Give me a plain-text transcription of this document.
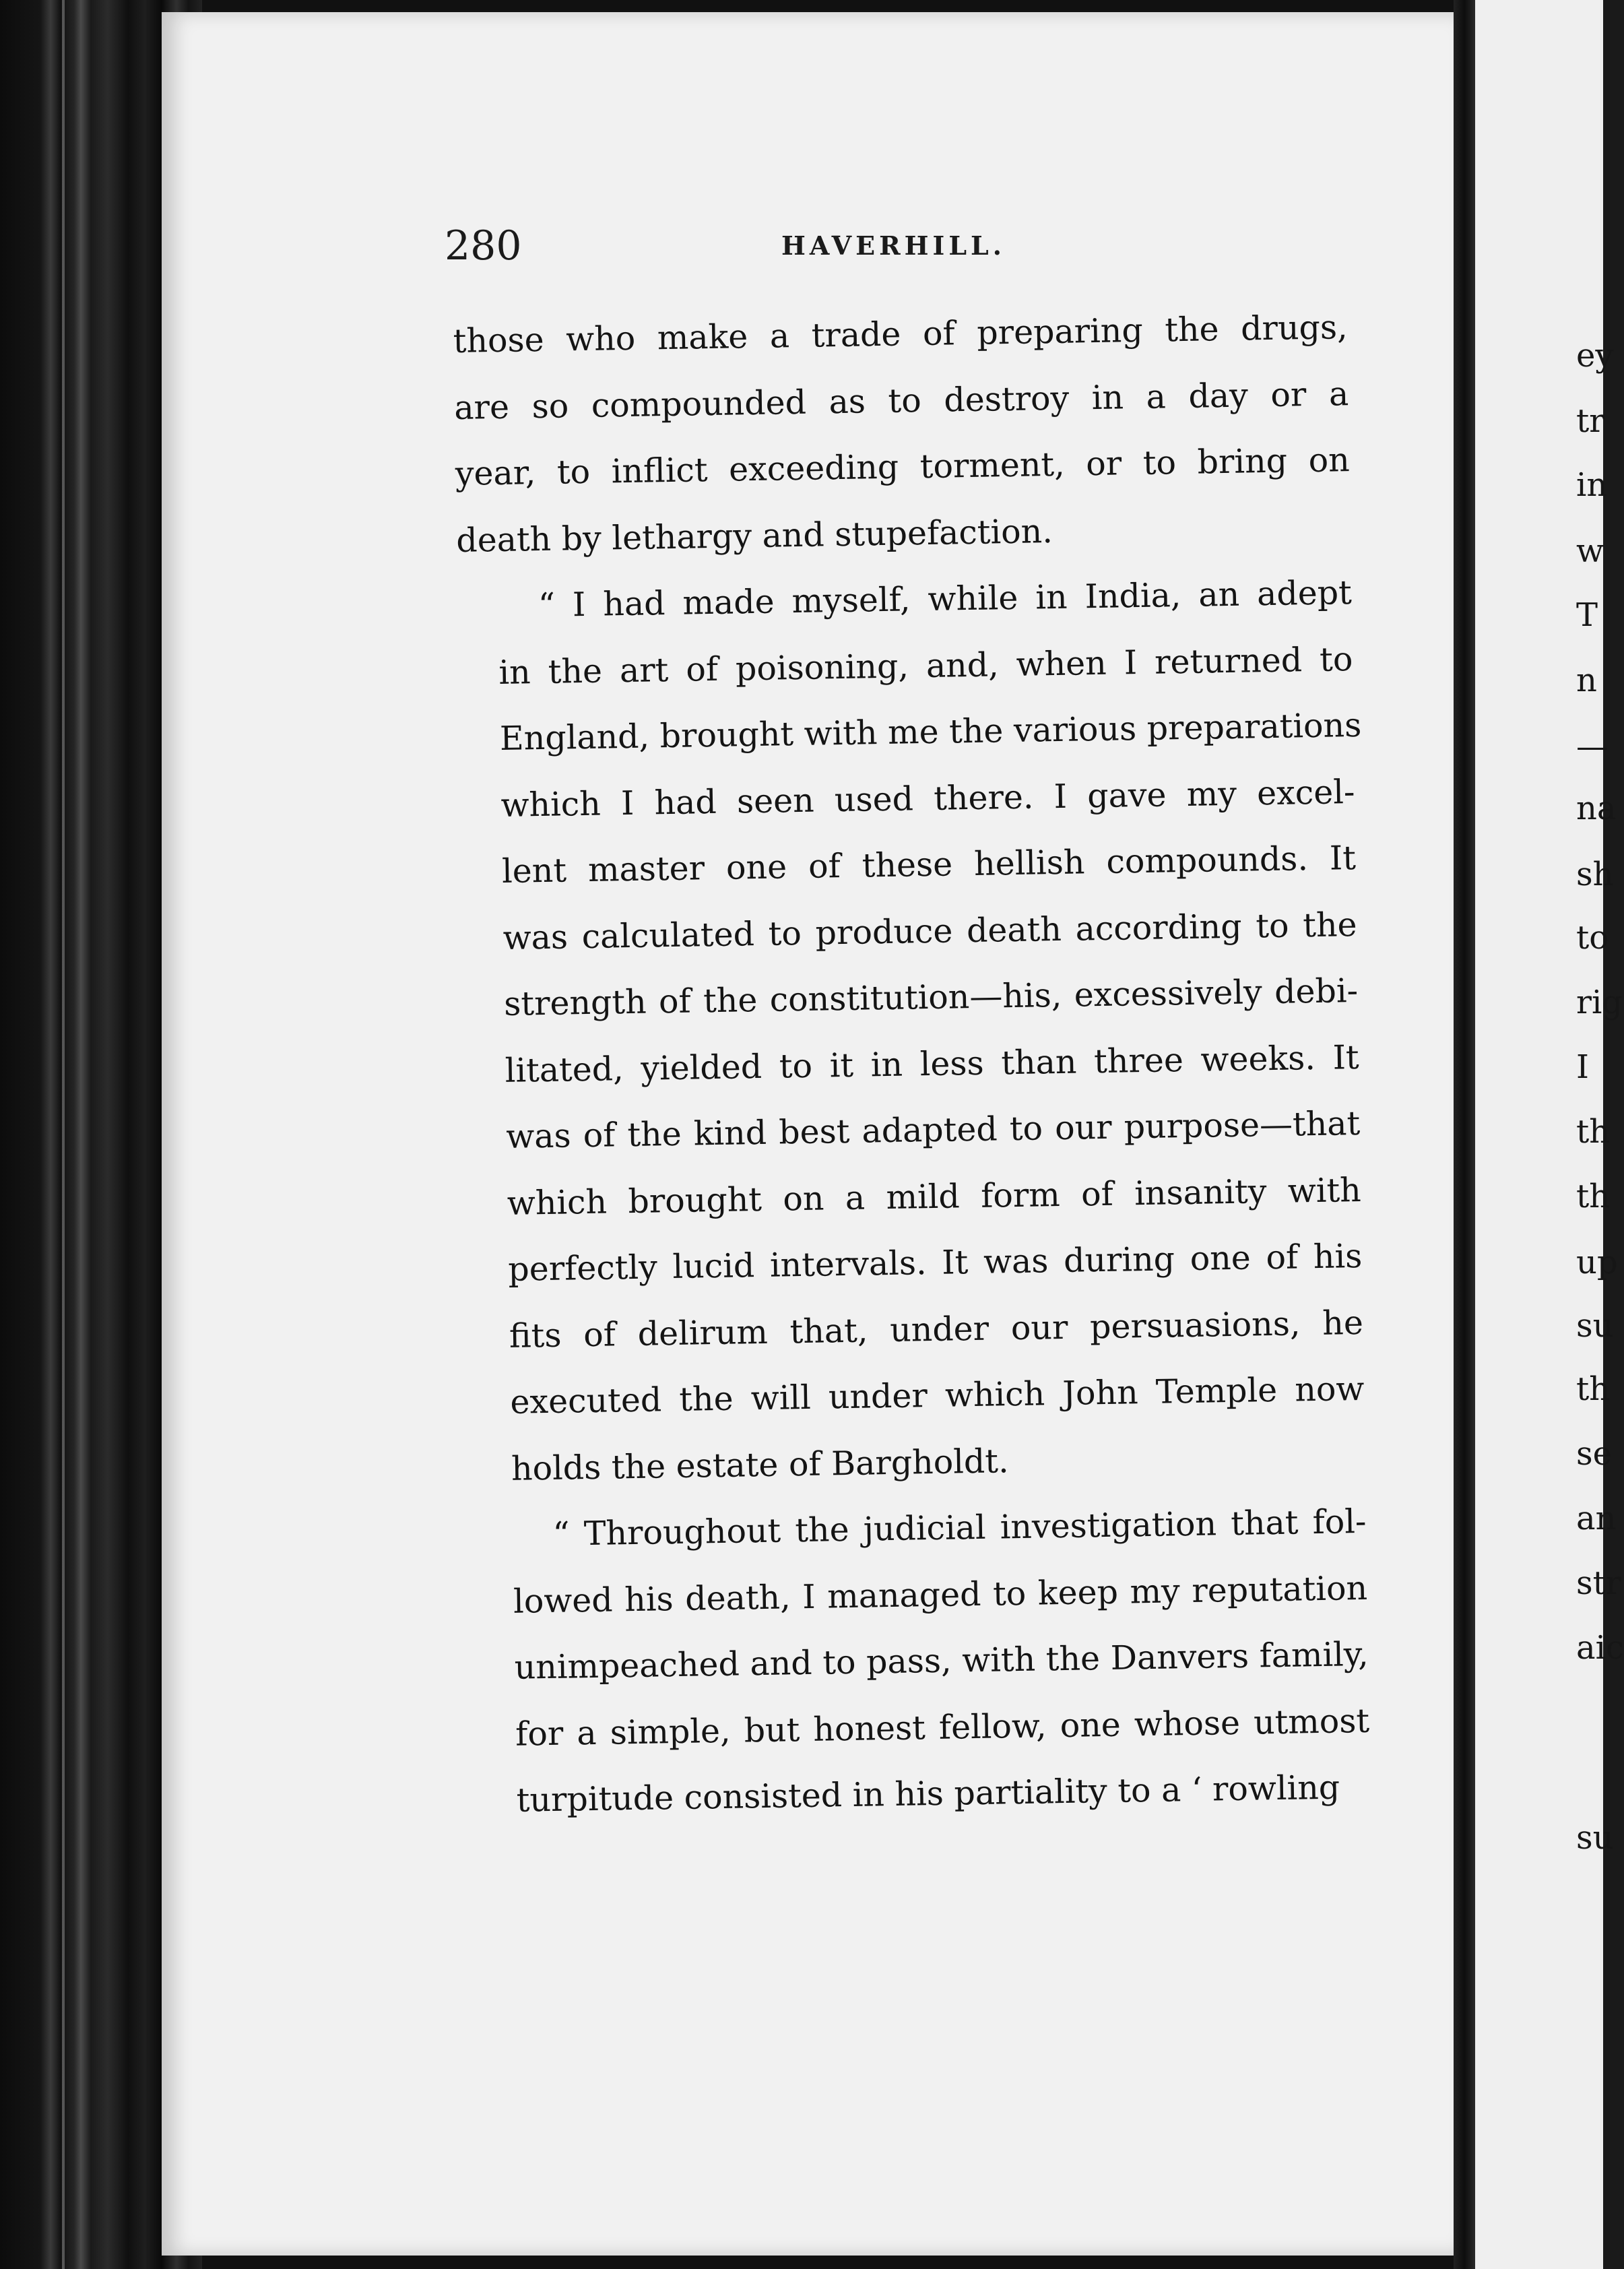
280	HAVERHILL.
those who make a trade of preparing the drugs,
are so compounded as to destroy in a day or a
year, to inflict exceeding torment, or to bring on
death by lethargy and stupefaction.
“ I had made myself, while in India, an adept
in the art of poisoning, and, when I returned to
England, brought with me the various preparations
which I had seen used there. I gave my excel-
lent master one of these hellish compounds. It
was calculated to produce death according to the
strength of the constitution—his, excessively debi-
litated, yielded to it in less than three weeks. It
was of the kind best adapted to our purpose—that
which brought on a mild form of insanity with
perfectly lucid intervals. It was during one of his
fits of delirum that, under our persuasions, he
executed the will under which John Temple now
holds the estate of Bargholdt.
“ Throughout the judicial investigation that fol-
lowed his death, I managed to keep my reputation
unimpeached and to pass, with the Danvers family,
for a simple, but honest fellow, one whose utmost
turpitude consisted in his partiality to a ‘ rowling
ey
tr
in
w
T
n
—
na
sh
to
rig
I
th
th
up
su
th
se
an
str
aic
su
